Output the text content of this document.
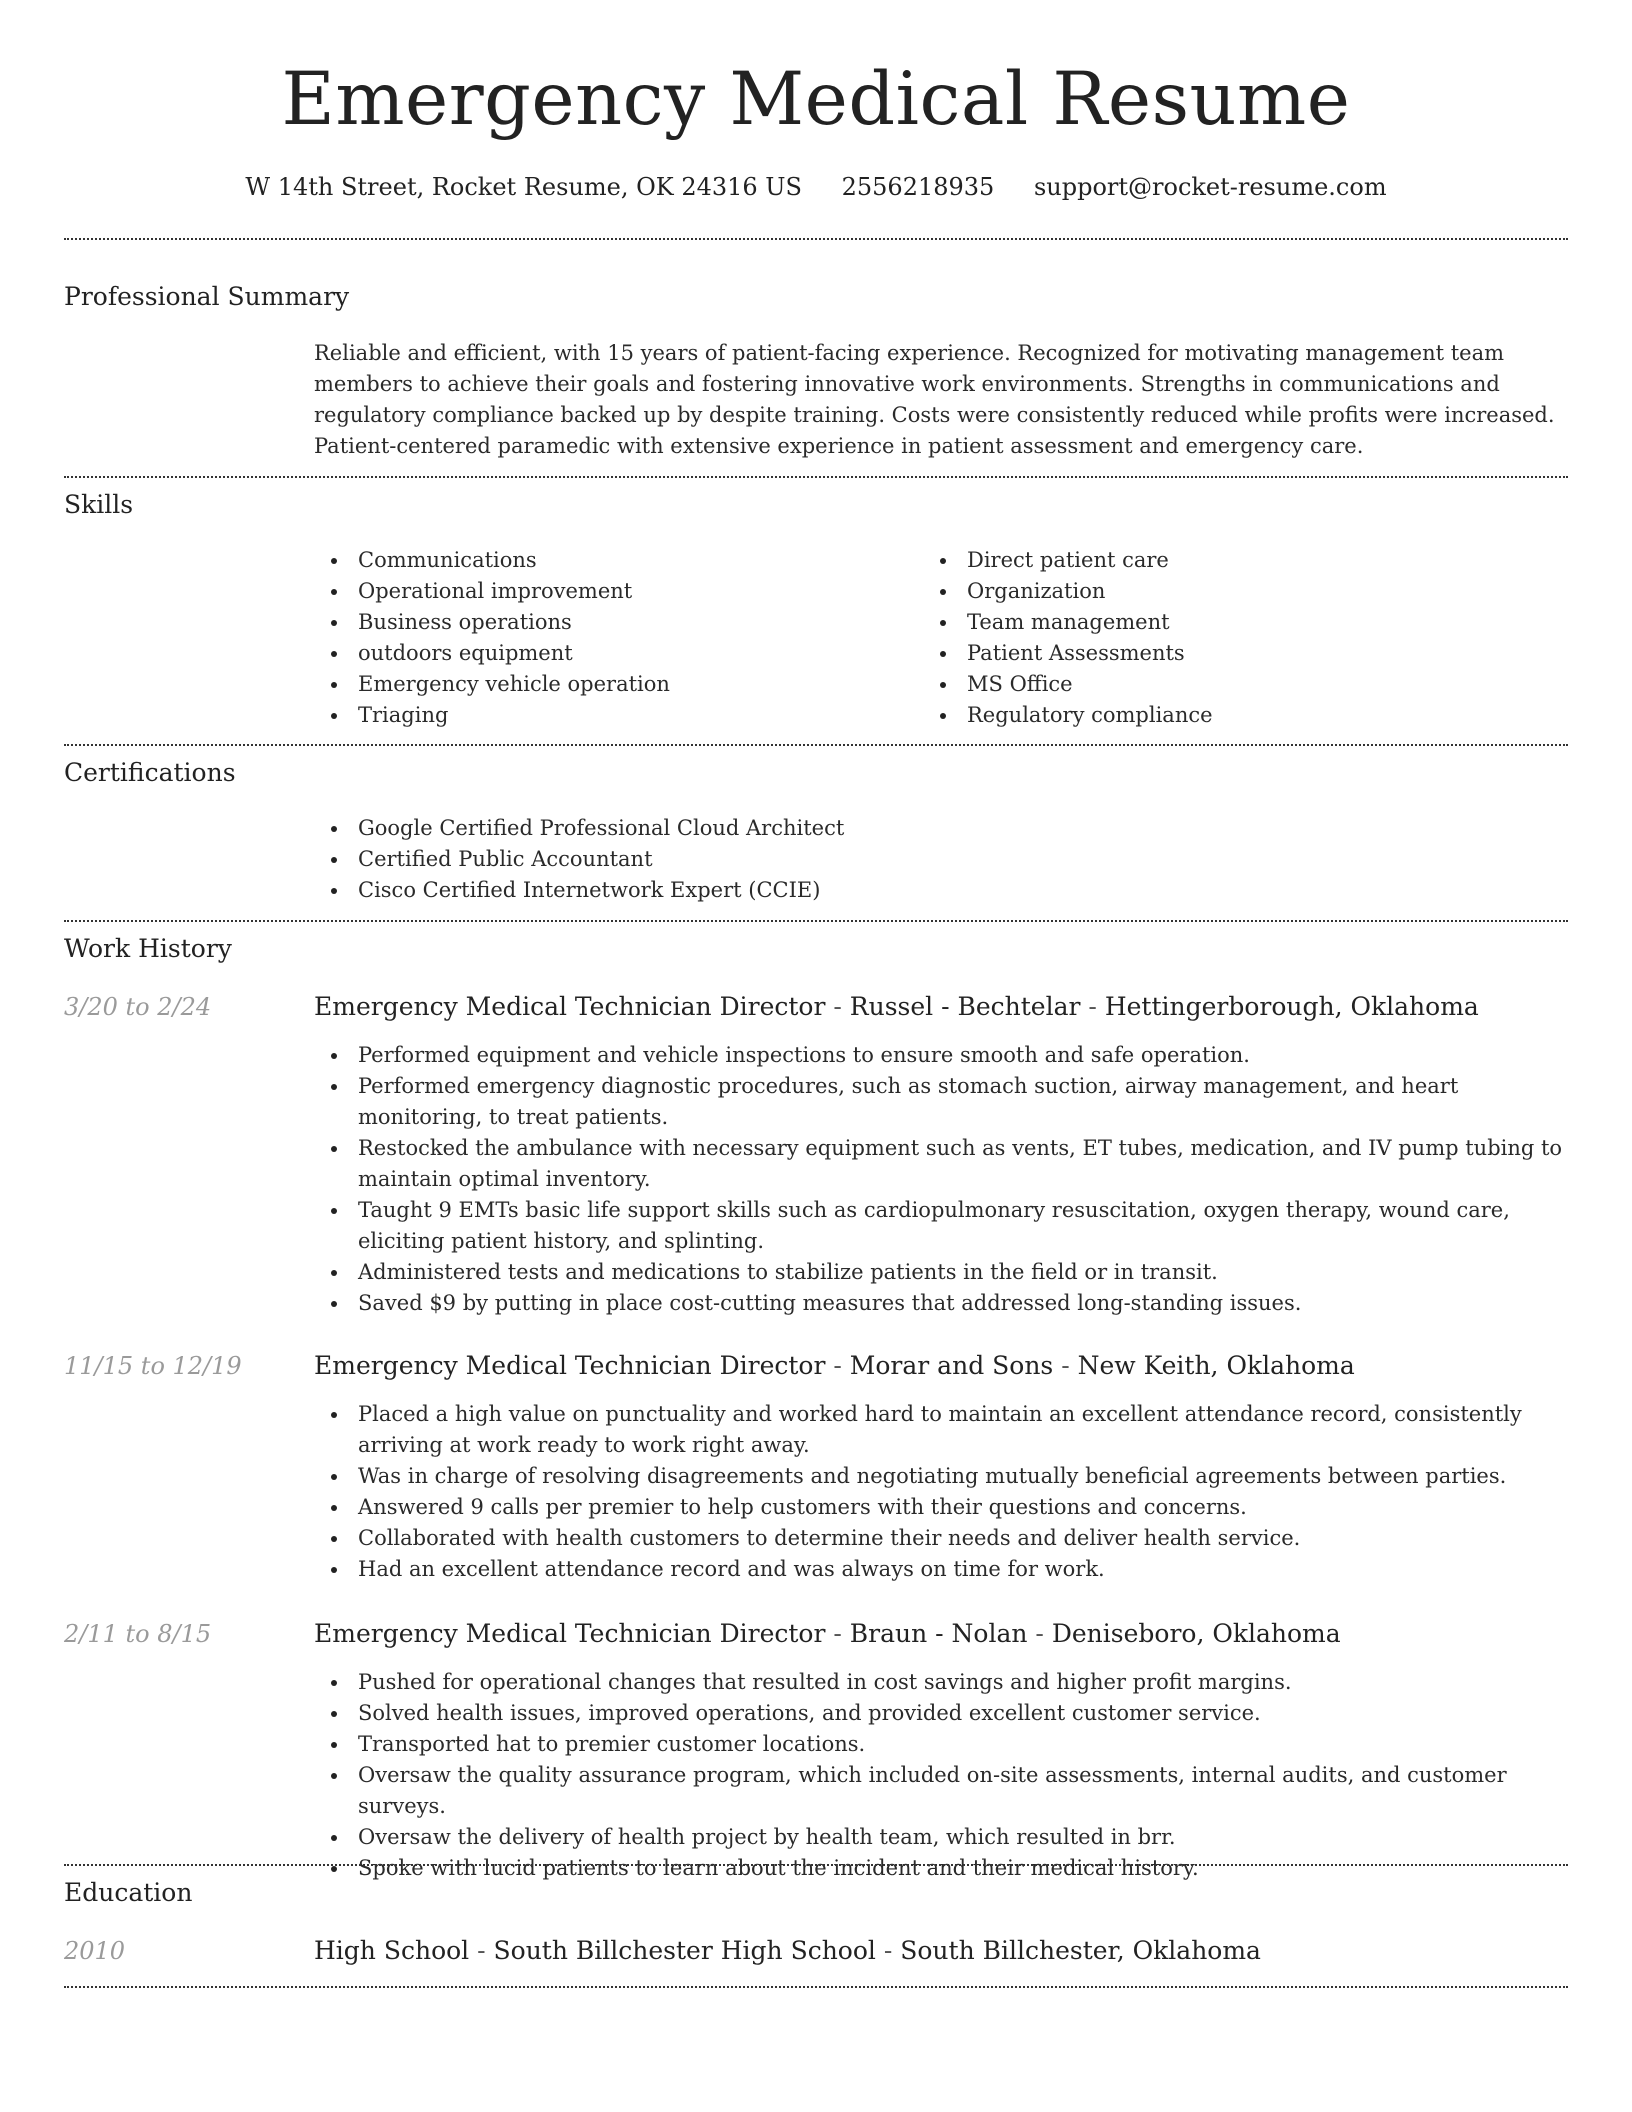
Emergency Medical Resume
W 14th Street, Rocket Resume, OK 24316 US 2556218935 support@rocket-resume.com
Professional Summary
Reliable and efficient, with 15 years of patient-facing experience. Recognized for motivating management team members to achieve their goals and fostering innovative work environments. Strengths in communications and regulatory compliance backed up by despite training. Costs were consistently reduced while profits were increased. Patient-centered paramedic with extensive experience in patient assessment and emergency care.
Skills
Communications
Operational improvement
Business operations
outdoors equipment
Emergency vehicle operation
Triaging
Direct patient care
Organization
Team management
Patient Assessments
MS Office
Regulatory compliance
Certifications
Google Certified Professional Cloud Architect
Certified Public Accountant
Cisco Certified Internetwork Expert (CCIE)
Work History
3/20 to 2/24	Emergency Medical Technician Director - Russel - Bechtelar - Hettingerborough, Oklahoma
Performed equipment and vehicle inspections to ensure smooth and safe operation.
Performed emergency diagnostic procedures, such as stomach suction, airway management, and heart monitoring, to treat patients.
Restocked the ambulance with necessary equipment such as vents, ET tubes, medication, and IV pump tubing to maintain optimal inventory.
Taught 9 EMTs basic life support skills such as cardiopulmonary resuscitation, oxygen therapy, wound care, eliciting patient history, and splinting.
Administered tests and medications to stabilize patients in the field or in transit.
Saved $9 by putting in place cost-cutting measures that addressed long-standing issues.
11/15 to 12/19	Emergency Medical Technician Director - Morar and Sons - New Keith, Oklahoma
Placed a high value on punctuality and worked hard to maintain an excellent attendance record, consistently arriving at work ready to work right away.
Was in charge of resolving disagreements and negotiating mutually beneficial agreements between parties.
Answered 9 calls per premier to help customers with their questions and concerns.
Collaborated with health customers to determine their needs and deliver health service.
Had an excellent attendance record and was always on time for work.
2/11 to 8/15	Emergency Medical Technician Director - Braun - Nolan - Deniseboro, Oklahoma
Pushed for operational changes that resulted in cost savings and higher profit margins.
Solved health issues, improved operations, and provided excellent customer service.
Transported hat to premier customer locations.
Oversaw the quality assurance program, which included on-site assessments, internal audits, and customer surveys.
Oversaw the delivery of health project by health team, which resulted in brr.
Spoke with lucid patients to learn about the incident and their medical history.
Education
2010	High School - South Billchester High School - South Billchester, Oklahoma
